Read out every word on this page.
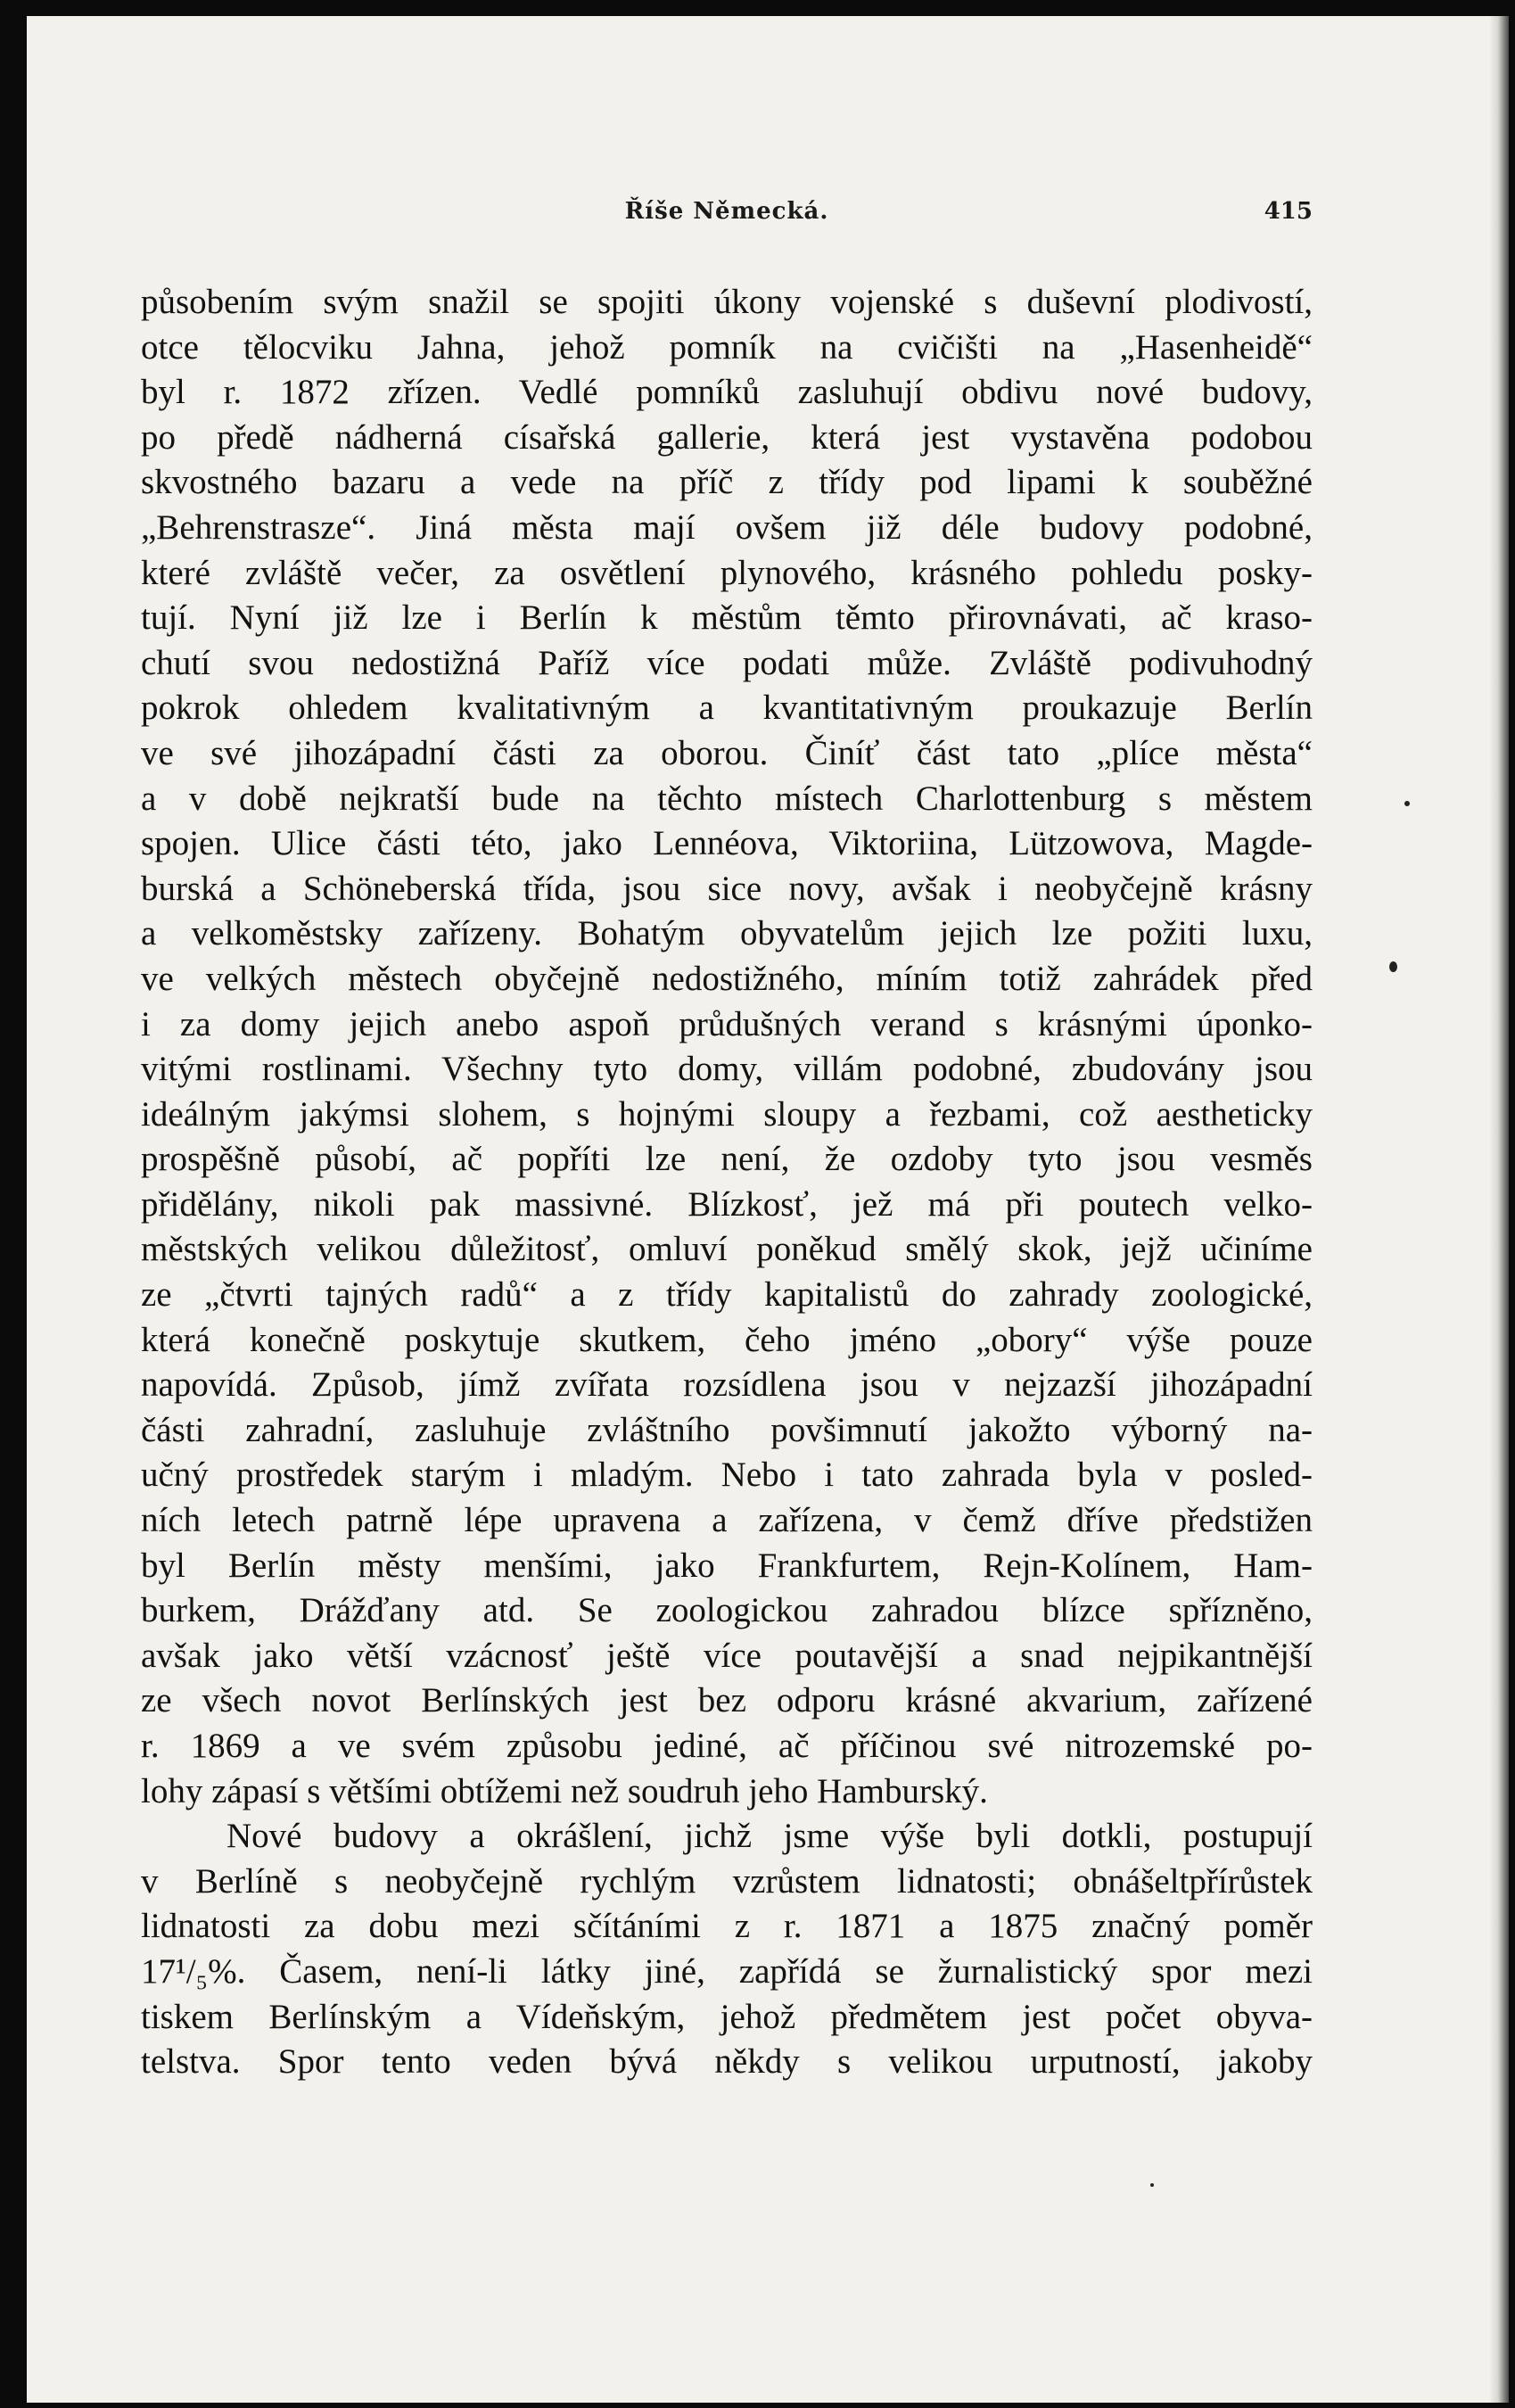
Říše Německá.	415
působením svým snažil se spojiti úkony vojenské s duševní plodivostí,
otce tělocviku Jahna, jehož pomník na cvičišti na „Hasenheidě“
byl r. 1872 zřízen. Vedlé pomníků zasluhují obdivu nové budovy,
po předě nádherná císařská gallerie, která jest vystavěna podobou
skvostného bazaru a vede na příč z třídy pod lipami k souběžné
„Behrenstrasze“. Jiná města mají ovšem již déle budovy podobné,
které zvláště večer, za osvětlení plynového, krásného pohledu posky-
tují. Nyní již lze i Berlín k městům těmto přirovnávati, ač kraso-
chutí svou nedostižná Paříž více podati může. Zvláště podivuhodný
pokrok ohledem kvalitativným a kvantitativným proukazuje Berlín
ve své jihozápadní části za oborou. Činíť část tato „plíce města“
a v době nejkratší bude na těchto místech Charlottenburg s městem
spojen. Ulice části této, jako Lennéova, Viktoriina, Lützowova, Magde-
burská a Schöneberská třída, jsou sice novy, avšak i neobyčejně krásny
a velkoměstsky zařízeny. Bohatým obyvatelům jejich lze požiti luxu,
ve velkých městech obyčejně nedostižného, míním totiž zahrádek před
i za domy jejich anebo aspoň průdušných verand s krásnými úponko-
vitými rostlinami. Všechny tyto domy, villám podobné, zbudovány jsou
ideálným jakýmsi slohem, s hojnými sloupy a řezbami, což aestheticky
prospěšně působí, ač popříti lze není, že ozdoby tyto jsou vesměs
přidělány, nikoli pak massivné. Blízkosť, jež má při poutech velko-
městských velikou důležitosť, omluví poněkud smělý skok, jejž učiníme
ze „čtvrti tajných radů“ a z třídy kapitalistů do zahrady zoologické,
která konečně poskytuje skutkem, čeho jméno „obory“ výše pouze
napovídá. Způsob, jímž zvířata rozsídlena jsou v nejzazší jihozápadní
části zahradní, zasluhuje zvláštního povšimnutí jakožto výborný na-
učný prostředek starým i mladým. Nebo i tato zahrada byla v posled-
ních letech patrně lépe upravena a zařízena, v čemž dříve předstižen
byl Berlín městy menšími, jako Frankfurtem, Rejn-Kolínem, Ham-
burkem, Drážďany atd. Se zoologickou zahradou blízce spřízněno,
avšak jako větší vzácnosť ještě více poutavější a snad nejpikantnější
ze všech novot Berlínských jest bez odporu krásné akvarium, zařízené
r. 1869 a ve svém způsobu jediné, ač příčinou své nitrozemské po-
lohy zápasí s většími obtížemi než soudruh jeho Hamburský.
Nové budovy a okrášlení, jichž jsme výše byli dotkli, postupují
v Berlíně s neobyčejně rychlým vzrůstem lidnatosti; obnášeltpřírůstek
lidnatosti za dobu mezi sčítáními z r. 1871 a 1875 značný poměr
17¹/₅%. Časem, není-li látky jiné, zapřídá se žurnalistický spor mezi
tiskem Berlínským a Vídeňským, jehož předmětem jest počet obyva-
telstva. Spor tento veden bývá někdy s velikou urputností, jakoby
